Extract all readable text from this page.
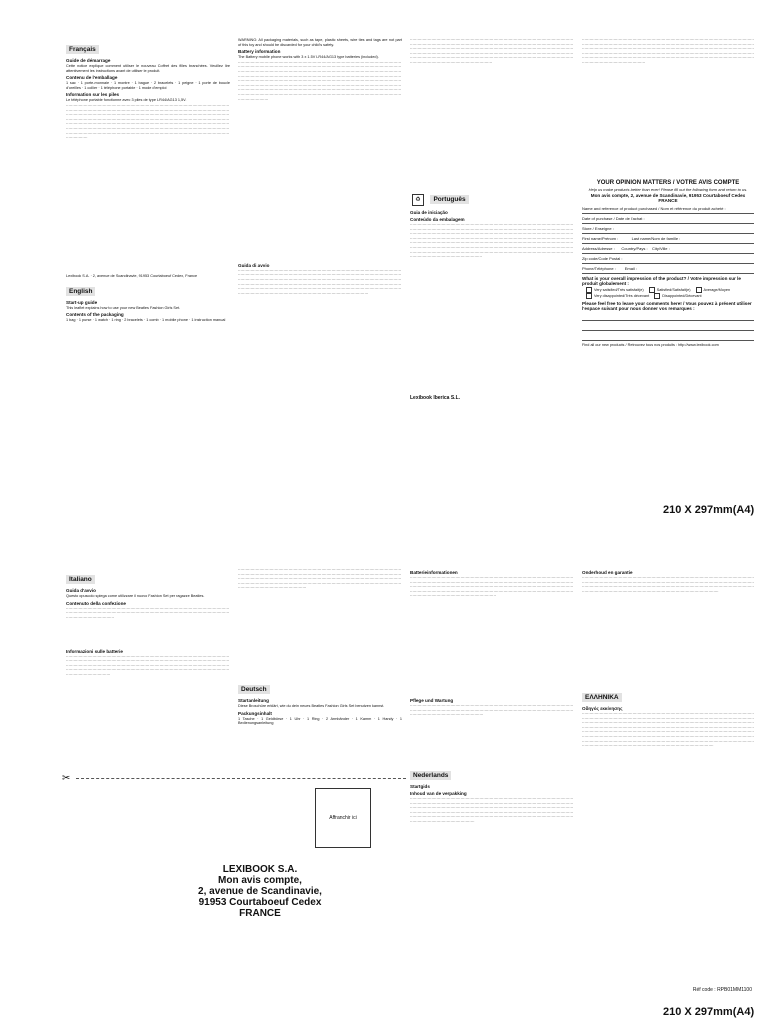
Français
Guide de démarrage

Cette notice explique comment utiliser le nouveau Coffret des filles branchées. Veuillez lire attentivement les instructions avant de utiliser le produit.

Contenu de l'emballage

1 sac · 1 porte-monnaie · 1 montre · 1 bague · 2 bracelets · 1 peigne · 1 porte de boucle d'oreilles · 1 collier · 1 téléphone portable · 1 mode d'emploi

Information sur les piles

Le téléphone portable fonctionne avec 3 piles de type LR44/AG13 1,5V.

························································································································································································································································································································································································································································································································································································································································································································································································································································································································································

Lexibook S.A. · 2, avenue de Scandinavie, 91953 Courtaboeuf Cedex, France

English
Start-up guide

This leaflet explains how to use your new Beatles Fashion Girls Set.

Contents of the packaging

1 bag · 1 purse · 1 watch · 1 ring · 2 bracelets · 1 comb · 1 mobile phone · 1 instruction manual

WARNING: All packaging materials, such as tape, plastic sheets, wire ties and tags are not part of this toy and should be discarded for your child's safety.

Battery information

The Battery mobile phone works with 3 x 1.5V LR44/AG13 type batteries (included).

································································································································································································································································································································································································································································································································································································································································································································································································································································································································································································································································································
Guida di avvio
············································································································································································································································································································································································································································································································································································································································································································································································
······································································································································································································································································································································································································································································································································································································································································································································
♻ Português
Guia de iniciação
Conteúdo da embalagem
································································································································································································································································································································································································································································································································································································································································································································································································································································································································································································
Lexibook Iberica S.L.
··························································································································································································································································································································································································································································································································································································································································································································································
YOUR OPINION MATTERS / VOTRE AVIS COMPTE
Help us make products better than ever! Please fill out the following form and return to us.
Mon avis compte, 2, avenue de Scandinavie, 91953 Courtaboeuf Cedex FRANCE
Name and reference of product purchased / Nom et référence du produit acheté :
Date of purchase / Date de l'achat :
Store / Enseigne :
First name/Prénom :	Last name/Nom de famille :
Address/Adresse : Country/Pays : City/Ville :
Zip code/Code Postal :
Phone/Téléphone : Email :
What is your overall impression of the product? / Votre impression sur le produit globalement :
Very satisfied/Très satisfait(e)	Satisfied/Satisfait(e)	Average/Moyen
Very disappointed/Très décevant	Disappointed/Décevant
Please feel free to leave your comments here! / Vous pouvez à présent utiliser l'espace suivant pour nous donner vos remarques :
Find all our new products / Retrouvez tous nos produits : http://www.lexibook.com
210 X 297mm(A4)
Italiano
Guida d'avvio

Questo opuscolo spiega come utilizzare il nuovo Fashion Set per ragazze Beatles.

Contenuto della confezione
········································································································································································································································································································
Informazioni sulle batterie
·······································································································································································································································································································································································································································································································································································
··························································································································································································································································································································································································································································································································································································
Deutsch
Startanleitung

Diese Broschüre erklärt, wie du dein neues Beatles Fashion Girls Set benutzen kannst.

Packungsinhalt

1 Tasche · 1 Geldbörse · 1 Uhr · 1 Ring · 2 Armbänder · 1 Kamm · 1 Handy · 1 Bedienungsanleitung

Batterieinformationen
········································································································································································································································································································································································································································································································································································································
Pflege und Wartung
····························································································································································································································································································································
Nederlands
Startgids
Inhoud van de verpakking
························································································································································································································································································································································································································································································································································································································································································································
Onderhoud en garantie
····································································································································································································································································································································································································································································································································
ΕΛΛΗΝΙΚΑ
Οδηγός εκκίνησης
································································································································································································································································································································································································································································································································································································································································································································································································································································································································································································································································································
✂
Affranchir ici
LEXIBOOK S.A.
Mon avis compte,
2, avenue de Scandinavie,
91953 Courtaboeuf Cedex
FRANCE
Réf code : RPB01MM1100
210 X 297mm(A4)
